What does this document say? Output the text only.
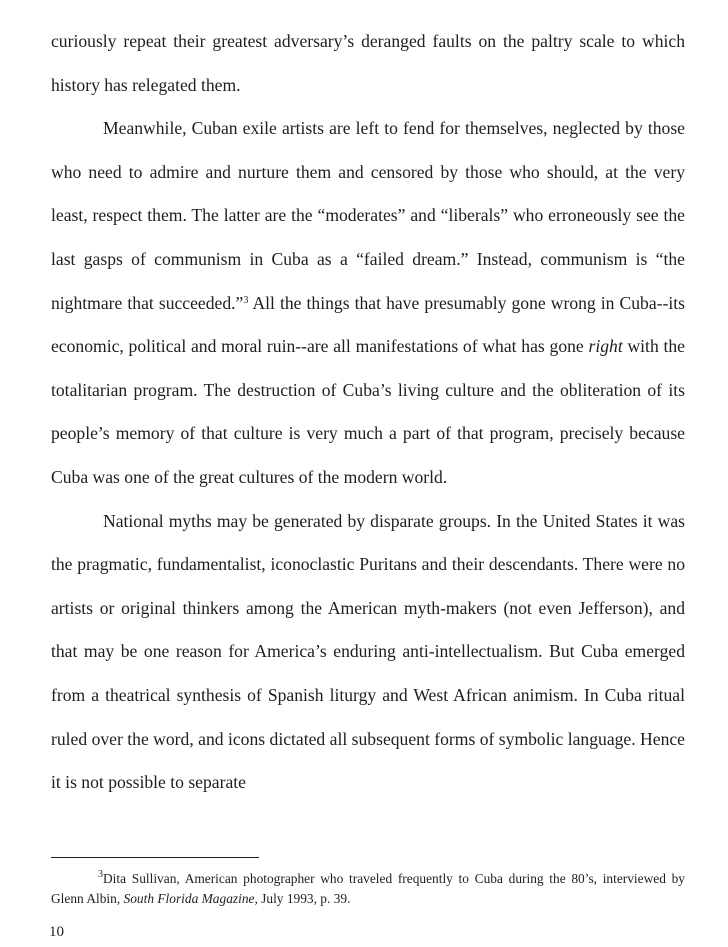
curiously repeat their greatest adversary’s deranged faults on the paltry scale to which history has relegated them.

Meanwhile, Cuban exile artists are left to fend for themselves, neglected by those who need to admire and nurture them and censored by those who should, at the very least, respect them. The latter are the “moderates” and “liberals” who erroneously see the last gasps of communism in Cuba as a “failed dream.” Instead, communism is “the nightmare that succeeded.”$^3$ All the things that have presumably gone wrong in Cuba--its economic, political and moral ruin--are all manifestations of what has gone right with the totalitarian program. The destruction of Cuba’s living culture and the obliteration of its people’s memory of that culture is very much a part of that program, precisely because Cuba was one of the great cultures of the modern world.

National myths may be generated by disparate groups. In the United States it was the pragmatic, fundamentalist, iconoclastic Puritans and their descendants. There were no artists or original thinkers among the American myth-makers (not even Jefferson), and that may be one reason for America’s enduring anti-intellectualism. But Cuba emerged from a theatrical synthesis of Spanish liturgy and West African animism. In Cuba ritual ruled over the word, and icons dictated all subsequent forms of symbolic language. Hence it is not possible to separate

$^3$Dita Sullivan, American photographer who traveled frequently to Cuba during the 80’s, interviewed by Glenn Albin, South Florida Magazine, July 1993, p. 39.

10
